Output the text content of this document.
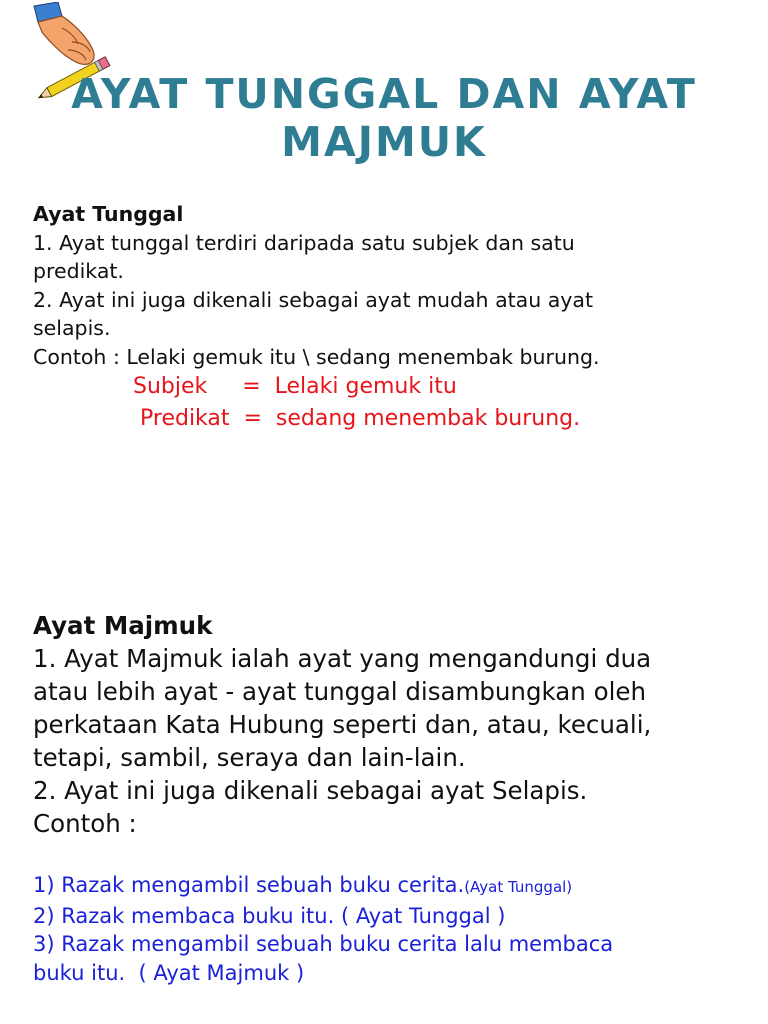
AYAT TUNGGAL DAN AYAT
MAJMUK
Ayat Tunggal
1. Ayat tunggal terdiri daripada satu subjek dan satu
predikat.
2. Ayat ini juga dikenali sebagai ayat mudah atau ayat
selapis.
Contoh : Lelaki gemuk itu \ sedang menembak burung.
Subjek     =  Lelaki gemuk itu
Predikat  =  sedang menembak burung.
Ayat Majmuk
1. Ayat Majmuk ialah ayat yang mengandungi dua
atau lebih ayat - ayat tunggal disambungkan oleh
perkataan Kata Hubung seperti dan, atau, kecuali,
tetapi, sambil, seraya dan lain-lain.
2. Ayat ini juga dikenali sebagai ayat Selapis.
Contoh :
1) Razak mengambil sebuah buku cerita.(Ayat Tunggal)
2) Razak membaca buku itu. ( Ayat Tunggal )
3) Razak mengambil sebuah buku cerita lalu membaca
buku itu.  ( Ayat Majmuk )
